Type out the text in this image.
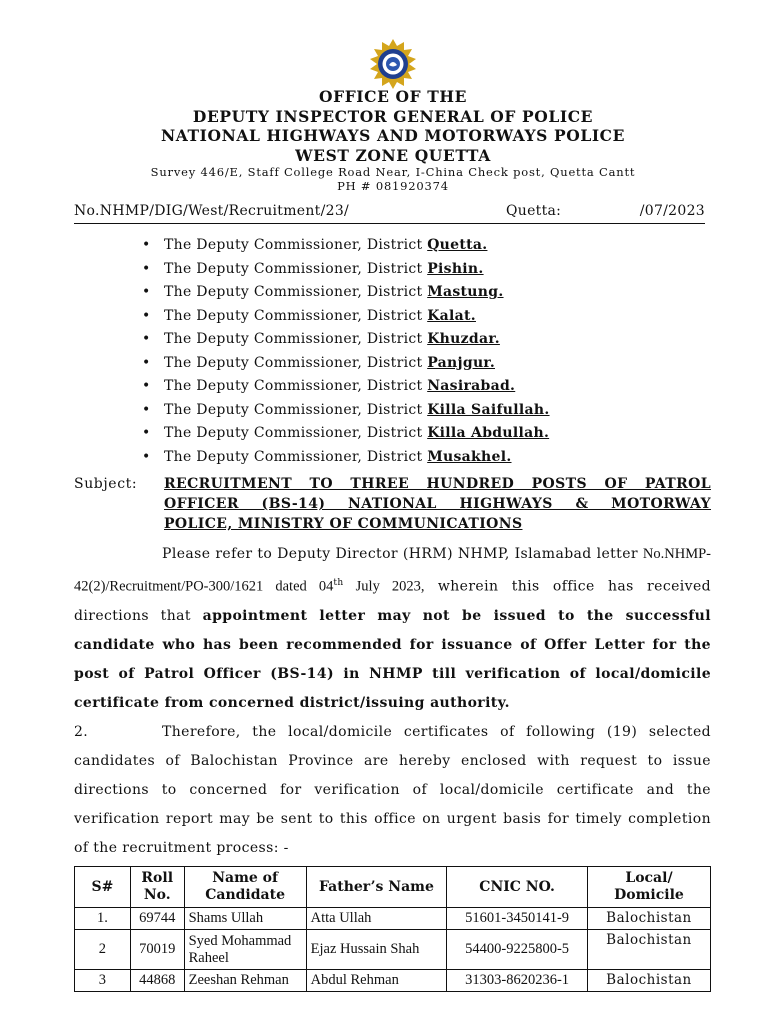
OFFICE OF THE
DEPUTY INSPECTOR GENERAL OF POLICE
NATIONAL HIGHWAYS AND MOTORWAYS POLICE
WEST ZONE QUETTA
Survey 446/E, Staff College Road Near, I-China Check post, Quetta Cantt
PH # 081920374
No.NHMP/DIG/West/Recruitment/23/	Quetta:	/07/2023
• The Deputy Commissioner, District Quetta.
• The Deputy Commissioner, District Pishin.
• The Deputy Commissioner, District Mastung.
• The Deputy Commissioner, District Kalat.
• The Deputy Commissioner, District Khuzdar.
• The Deputy Commissioner, District Panjgur.
• The Deputy Commissioner, District Nasirabad.
• The Deputy Commissioner, District Killa Saifullah.
• The Deputy Commissioner, District Killa Abdullah.
• The Deputy Commissioner, District Musakhel.
Subject: RECRUITMENT TO THREE HUNDRED POSTS OF PATROL
OFFICER (BS-14) NATIONAL HIGHWAYS & MOTORWAY
POLICE, MINISTRY OF COMMUNICATIONS
Please refer to Deputy Director (HRM) NHMP, Islamabad letter No.NHMP-42(2)/Recruitment/PO-300/1621 dated 04th July 2023, wherein this office has received directions that appointment letter may not be issued to the successful candidate who has been recommended for issuance of Offer Letter for the post of Patrol Officer (BS-14) in NHMP till verification of local/domicile certificate from concerned district/issuing authority.
2.	Therefore, the local/domicile certificates of following (19) selected candidates of Balochistan Province are hereby enclosed with request to issue directions to concerned for verification of local/domicile certificate and the verification report may be sent to this office on urgent basis for timely completion of the recruitment process: -
S#	Roll No.	Name of Candidate	Father’s Name	CNIC NO.	Local/ Domicile
1.	69744	Shams Ullah	Atta Ullah	51601-3450141-9	Balochistan
2	70019	Syed Mohammad Raheel	Ejaz Hussain Shah	54400-9225800-5	Balochistan
3	44868	Zeeshan Rehman	Abdul Rehman	31303-8620236-1	Balochistan
